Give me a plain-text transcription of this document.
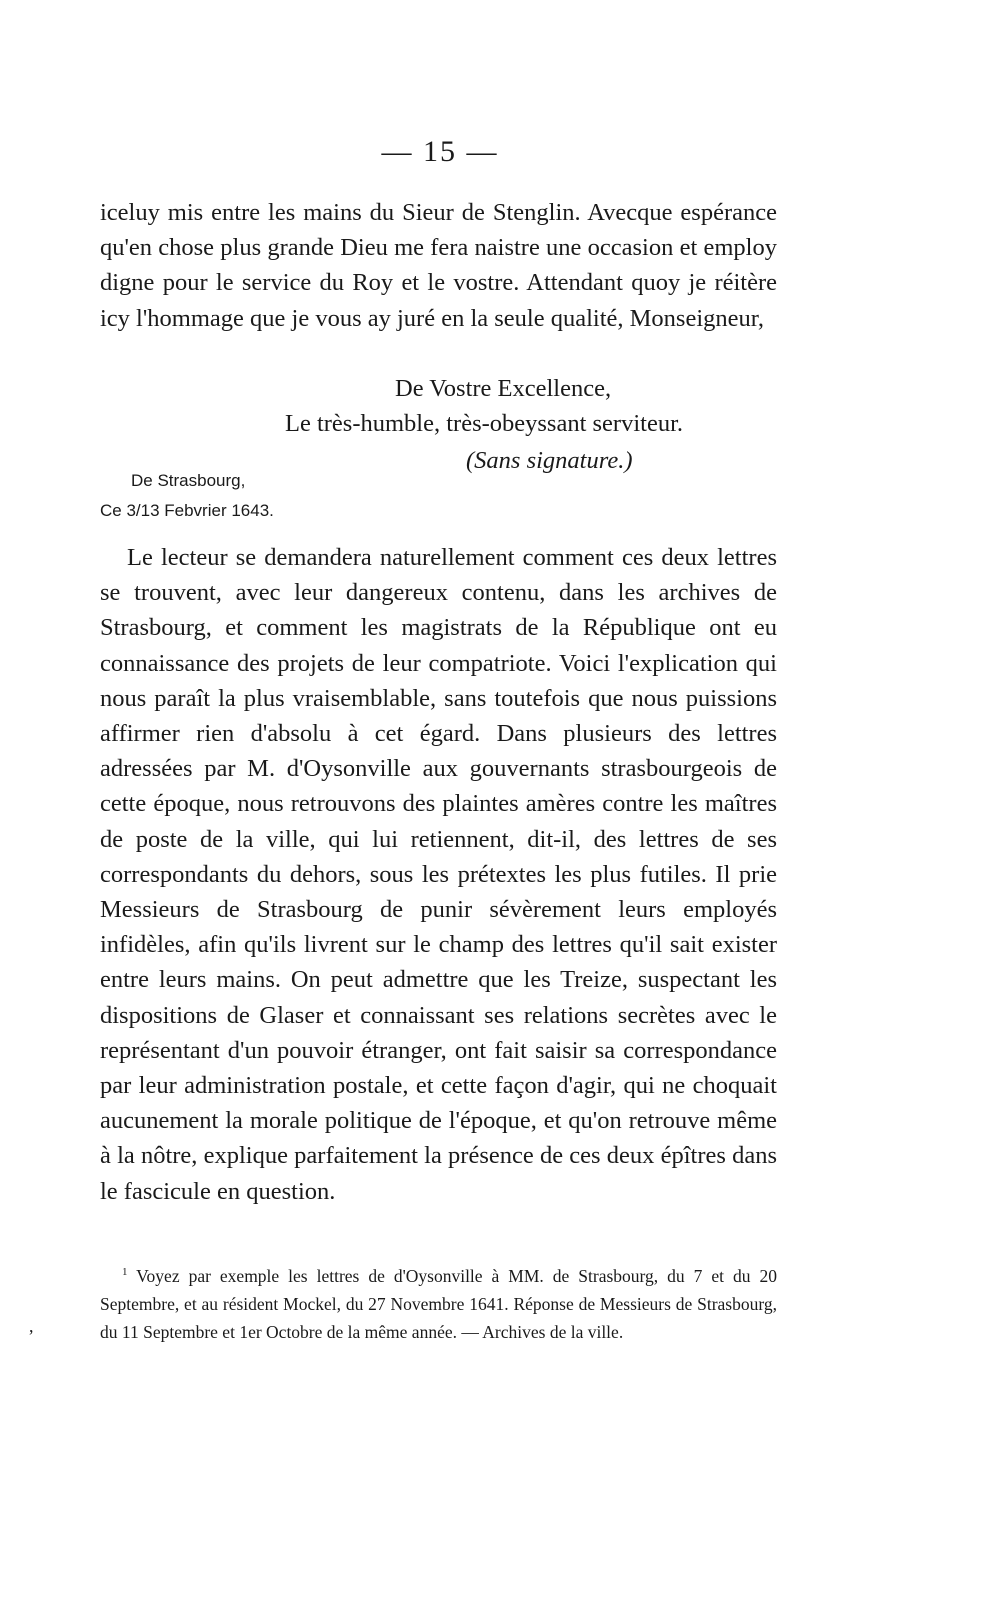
— 15 —
iceluy mis entre les mains du Sieur de Stenglin. Avecque espérance qu'en chose plus grande Dieu me fera naistre une occasion et employ digne pour le service du Roy et le vostre. Attendant quoy je réitère icy l'hommage que je vous ay juré en la seule qualité, Monseigneur,
De Vostre Excellence,
Le très-humble, très-obeyssant serviteur.
(Sans signature.)
De Strasbourg,
Ce 3/13 Febvrier 1643.
Le lecteur se demandera naturellement comment ces deux lettres se trouvent, avec leur dangereux contenu, dans les archives de Strasbourg, et comment les magistrats de la République ont eu connaissance des projets de leur compatriote. Voici l'explication qui nous paraît la plus vraisemblable, sans toutefois que nous puissions affirmer rien d'absolu à cet égard. Dans plusieurs des lettres adressées par M. d'Oysonville aux gouvernants strasbourgeois de cette époque, nous retrouvons des plaintes amères contre les maîtres de poste de la ville, qui lui retiennent, dit-il, des lettres de ses correspondants du dehors, sous les prétextes les plus futiles. Il prie Messieurs de Strasbourg de punir sévèrement leurs employés infidèles, afin qu'ils livrent sur le champ des lettres qu'il sait exister entre leurs mains. On peut admettre que les Treize, suspectant les dispositions de Glaser et connaissant ses relations secrètes avec le représentant d'un pouvoir étranger, ont fait saisir sa correspondance par leur administration postale, et cette façon d'agir, qui ne choquait aucunement la morale politique de l'époque, et qu'on retrouve même à la nôtre, explique parfaitement la présence de ces deux épîtres dans le fascicule en question.
$^1$ Voyez par exemple les lettres de d'Oysonville à MM. de Strasbourg, du 7 et du 20 Septembre, et au résident Mockel, du 27 Novembre 1641. Réponse de Messieurs de Strasbourg, du 11 Septembre et 1er Octobre de la même année. — Archives de la ville.
,
